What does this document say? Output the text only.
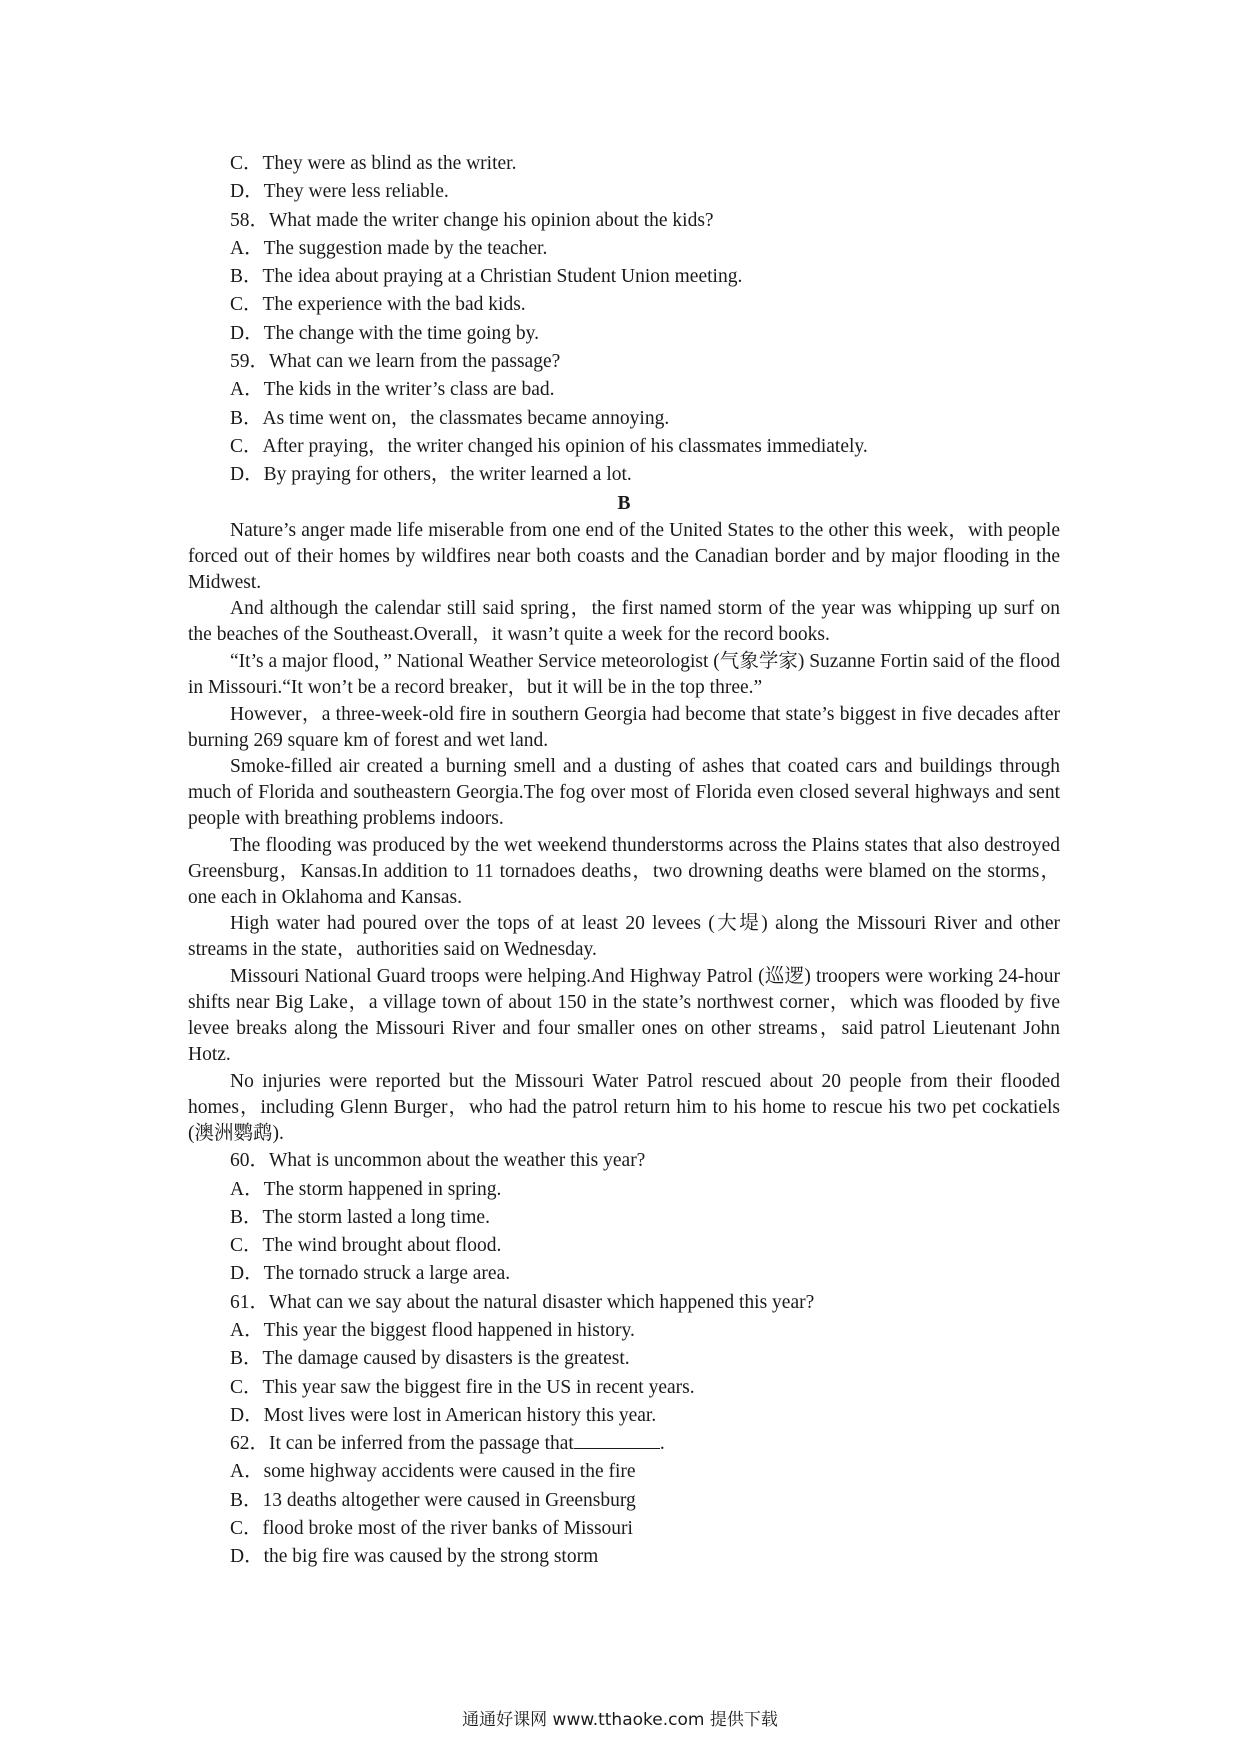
C．They were as blind as the writer.
D．They were less reliable.
58．What made the writer change his opinion about the kids?
A．The suggestion made by the teacher.
B．The idea about praying at a Christian Student Union meeting.
C．The experience with the bad kids.
D．The change with the time going by.
59．What can we learn from the passage?
A．The kids in the writer’s class are bad.
B．As time went on，the classmates became annoying.
C．After praying，the writer changed his opinion of his classmates immediately.
D．By praying for others，the writer learned a lot.
B
Nature’s anger made life miserable from one end of the United States to the other this week，with people forced out of their homes by wildfires near both coasts and the Canadian border and by major flooding in the Midwest.
And although the calendar still said spring，the first named storm of the year was whipping up surf on the beaches of the Southeast.Overall，it wasn’t quite a week for the record books.
“It’s a major flood，” National Weather Service meteorologist (气象学家) Suzanne Fortin said of the flood in Missouri.“It won’t be a record breaker，but it will be in the top three.”
However，a three-week-old fire in southern Georgia had become that state’s biggest in five decades after burning 269 square km of forest and wet land.
Smoke-filled air created a burning smell and a dusting of ashes that coated cars and buildings through much of Florida and southeastern Georgia.The fog over most of Florida even closed several highways and sent people with breathing problems indoors.
The flooding was produced by the wet weekend thunderstorms across the Plains states that also destroyed Greensburg，Kansas.In addition to 11 tornadoes deaths，two drowning deaths were blamed on the storms，one each in Oklahoma and Kansas.
High water had poured over the tops of at least 20 levees (大堤) along the Missouri River and other streams in the state，authorities said on Wednesday.
Missouri National Guard troops were helping.And Highway Patrol (巡逻) troopers were working 24-hour shifts near Big Lake，a village town of about 150 in the state’s northwest corner，which was flooded by five levee breaks along the Missouri River and four smaller ones on other streams，said patrol Lieutenant John Hotz.
No injuries were reported but the Missouri Water Patrol rescued about 20 people from their flooded homes，including Glenn Burger，who had the patrol return him to his home to rescue his two pet cockatiels (澳洲鹦鹉).
60．What is uncommon about the weather this year?
A．The storm happened in spring.
B．The storm lasted a long time.
C．The wind brought about flood.
D．The tornado struck a large area.
61．What can we say about the natural disaster which happened this year?
A．This year the biggest flood happened in history.
B．The damage caused by disasters is the greatest.
C．This year saw the biggest fire in the US in recent years.
D．Most lives were lost in American history this year.
62．It can be inferred from the passage that	.
A．some highway accidents were caused in the fire
B．13 deaths altogether were caused in Greensburg
C．flood broke most of the river banks of Missouri
D．the big fire was caused by the strong storm
通通好课网 www.tthaoke.com 提供下载
